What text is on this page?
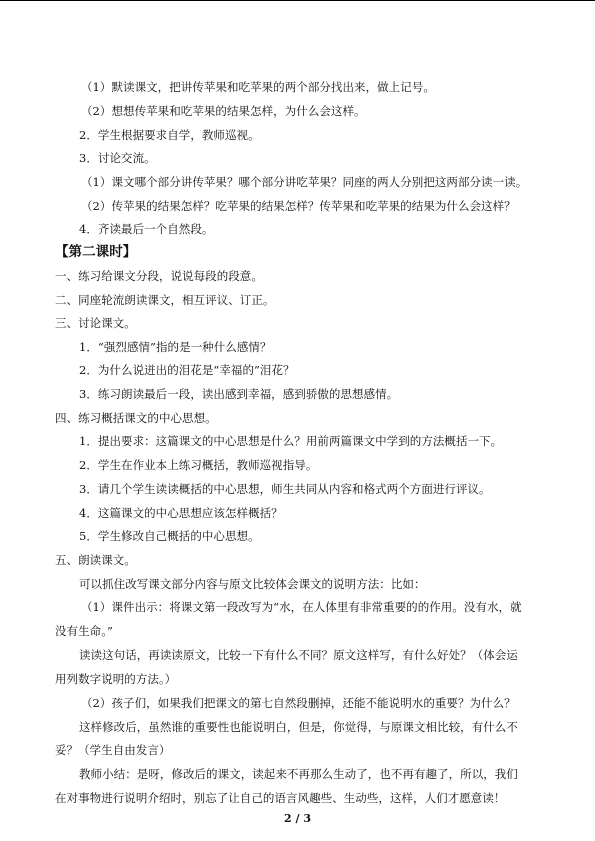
（1）默读课文，把讲传苹果和吃苹果的两个部分找出来，做上记号。
（2）想想传苹果和吃苹果的结果怎样，为什么会这样。
2．学生根据要求自学，教师巡视。
3．讨论交流。
（1）课文哪个部分讲传苹果？哪个部分讲吃苹果？同座的两人分别把这两部分读一读。
（2）传苹果的结果怎样？吃苹果的结果怎样？传苹果和吃苹果的结果为什么会这样？
4．齐读最后一个自然段。
【第二课时】
一、练习给课文分段，说说每段的段意。
二、同座轮流朗读课文，相互评议、订正。
三、讨论课文。
1．“强烈感情”指的是一种什么感情？
2．为什么说迸出的泪花是“幸福的”泪花？
3．练习朗读最后一段，读出感到幸福，感到骄傲的思想感情。
四、练习概括课文的中心思想。
1．提出要求：这篇课文的中心思想是什么？用前两篇课文中学到的方法概括一下。
2．学生在作业本上练习概括，教师巡视指导。
3．请几个学生读读概括的中心思想，师生共同从内容和格式两个方面进行评议。
4．这篇课文的中心思想应该怎样概括？
5．学生修改自己概括的中心思想。
五、朗读课文。
可以抓住改写课文部分内容与原文比较体会课文的说明方法：比如：
（1）课件出示：将课文第一段改写为“水，在人体里有非常重要的的作用。没有水，就
没有生命。”
读读这句话，再读读原文，比较一下有什么不同？原文这样写，有什么好处？（体会运
用列数字说明的方法。）
（2）孩子们，如果我们把课文的第七自然段删掉，还能不能说明水的重要？为什么？
这样修改后，虽然谁的重要性也能说明白，但是，你觉得，与原课文相比较，有什么不
妥？（学生自由发言）
教师小结：是呀，修改后的课文，读起来不再那么生动了，也不再有趣了，所以，我们
在对事物进行说明介绍时，别忘了让自己的语言风趣些、生动些，这样，人们才愿意读！
2 / 3
